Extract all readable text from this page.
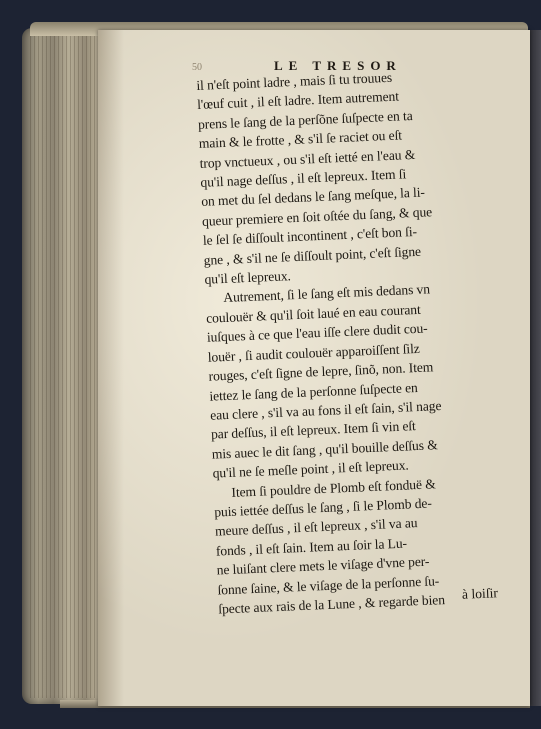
50	LE TRESOR
il n'eſt point ladre , mais ſi tu trouues
l'œuf cuit , il eſt ladre. Item autrement
prens le ſang de la perſõne ſuſpecte en ta
main & le frotte , & s'il ſe raciet ou eſt
trop vnctueux , ou s'il eſt ietté en l'eau &
qu'il nage deſſus , il eſt lepreux. Item ſi
on met du ſel dedans le ſang meſque, la li-
queur premiere en ſoit oſtée du ſang, & que
le ſel ſe diſſoult incontinent , c'eſt bon ſi-
gne , & s'il ne ſe diſſoult point, c'eſt ſigne
qu'il eſt lepreux.
Autrement, ſi le ſang eſt mis dedans vn
coulouër & qu'il ſoit laué en eau courant
iuſques à ce que l'eau iſſe clere dudit cou-
louër , ſi audit coulouër apparoiſſent ſilz
rouges, c'eſt ſigne de lepre, ſinõ, non. Item
iettez le ſang de la perſonne ſuſpecte en
eau clere , s'il va au fons il eſt ſain, s'il nage
par deſſus, il eſt lepreux. Item ſi vin eſt
mis auec le dit ſang , qu'il bouille deſſus &
qu'il ne ſe meſle point , il eſt lepreux.
Item ſi pouldre de Plomb eſt fonduë &
puis iettée deſſus le ſang , ſi le Plomb de-
meure deſſus , il eſt lepreux , s'il va au
fonds , il eſt ſain. Item au ſoir la Lu-
ne luiſant clere mets le viſage d'vne per-
ſonne ſaine, & le viſage de la perſonne ſu-
ſpecte aux rais de la Lune , & regarde bien	à loiſir
